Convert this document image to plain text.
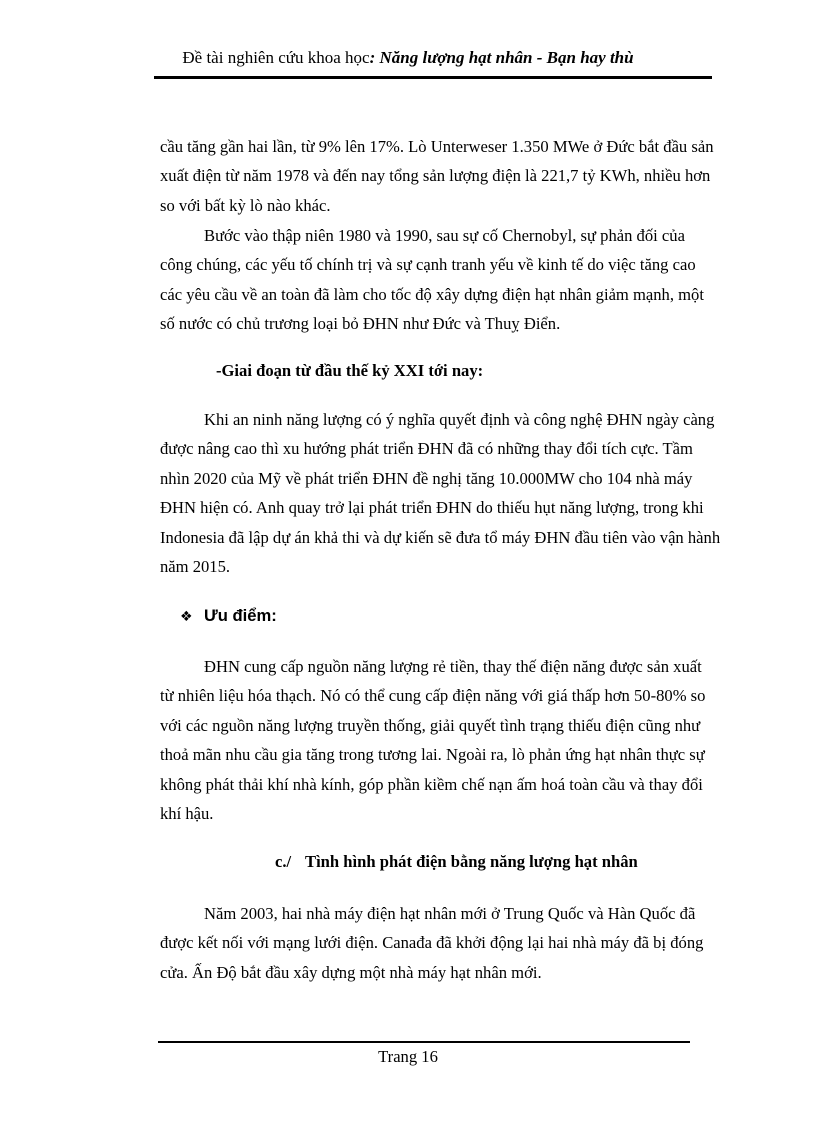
Đề tài nghiên cứu khoa học: Năng lượng hạt nhân - Bạn hay thù
cầu tăng gần hai lần, từ 9% lên 17%. Lò Unterweser 1.350 MWe ở Đức bắt đầu sản
xuất điện từ năm 1978 và đến nay tổng sản lượng điện là 221,7 tỷ KWh, nhiều hơn
so với bất kỳ lò nào khác.
Bước vào thập niên 1980 và 1990, sau sự cố Chernobyl, sự phản đối của
công chúng, các yếu tố chính trị và sự cạnh tranh yếu về kinh tế do việc tăng cao
các yêu cầu về an toàn đã làm cho tốc độ xây dựng điện hạt nhân giảm mạnh, một
số nước có chủ trương loại bỏ ĐHN như Đức và Thuỵ Điển.
-Giai đoạn từ đầu thế kỷ XXI tới nay:
Khi an ninh năng lượng có ý nghĩa quyết định và công nghệ ĐHN ngày càng
được nâng cao thì xu hướng phát triển ĐHN đã có những thay đổi tích cực. Tầm
nhìn 2020 của Mỹ về phát triển ĐHN đề nghị tăng 10.000MW cho 104 nhà máy
ĐHN hiện có. Anh quay trở lại phát triển ĐHN do thiếu hụt năng lượng, trong khi
Indonesia đã lập dự án khả thi và dự kiến sẽ đưa tổ máy ĐHN đầu tiên vào vận hành
năm 2015.
❖ Ưu điểm:
ĐHN cung cấp nguồn năng lượng rẻ tiền, thay thế điện năng được sản xuất
từ nhiên liệu hóa thạch. Nó có thể cung cấp điện năng với giá thấp hơn 50-80% so
với các nguồn năng lượng truyền thống, giải quyết tình trạng thiếu điện cũng như
thoả mãn nhu cầu gia tăng trong tương lai. Ngoài ra, lò phản ứng hạt nhân thực sự
không phát thải khí nhà kính, góp phần kiềm chế nạn ấm hoá toàn cầu và thay đổi
khí hậu.
c./ Tình hình phát điện bằng năng lượng hạt nhân
Năm 2003, hai nhà máy điện hạt nhân mới ở Trung Quốc và Hàn Quốc đã
được kết nối với mạng lưới điện. Canađa đã khởi động lại hai nhà máy đã bị đóng
cửa. Ấn Độ bắt đầu xây dựng một nhà máy hạt nhân mới.
Trang 16
